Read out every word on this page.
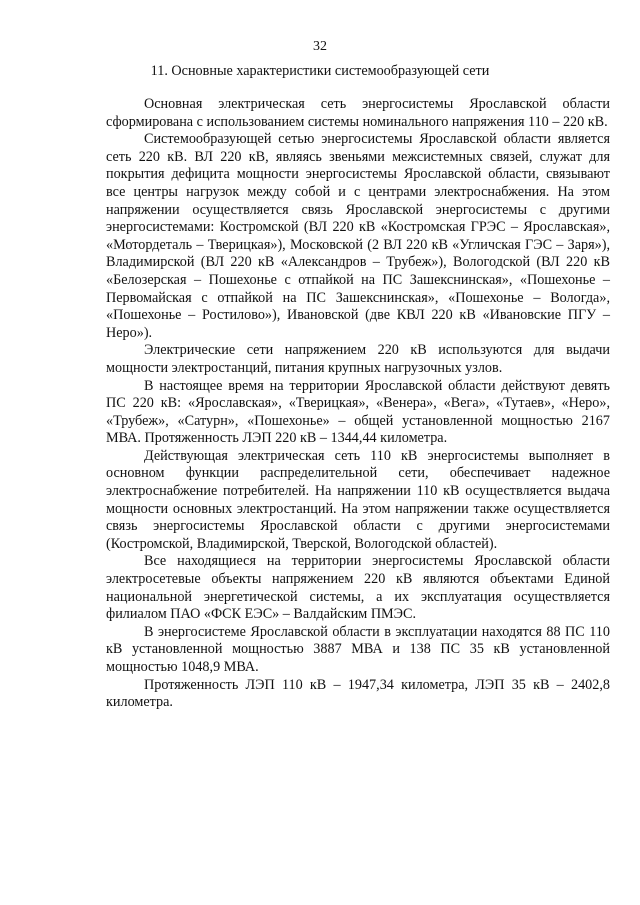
32
11. Основные характеристики системообразующей сети

Основная электрическая сеть энергосистемы Ярославской области сформирована с использованием системы номинального напряжения 110 – 220 кВ.

Системообразующей сетью энергосистемы Ярославской области является сеть 220 кВ. ВЛ 220 кВ, являясь звеньями межсистемных связей, служат для покрытия дефицита мощности энергосистемы Ярославской области, связывают все центры нагрузок между собой и с центрами электроснабжения. На этом напряжении осуществляется связь Ярославской энергосистемы с другими энергосистемами: Костромской (ВЛ 220 кВ «Костромская ГРЭС – Ярославская», «Мотордеталь – Тверицкая»), Московской (2 ВЛ 220 кВ «Угличская ГЭС – Заря»), Владимирской (ВЛ 220 кВ «Александров – Трубеж»), Вологодской (ВЛ 220 кВ «Белозерская – Пошехонье с отпайкой на ПС Зашекснинская», «Пошехонье – Первомайская с отпайкой на ПС Зашекснинская», «Пошехонье – Вологда», «Пошехонье – Ростилово»), Ивановской (две КВЛ 220 кВ «Ивановские ПГУ – Неро»).

Электрические сети напряжением 220 кВ используются для выдачи мощности электростанций, питания крупных нагрузочных узлов.

В настоящее время на территории Ярославской области действуют девять ПС 220 кВ: «Ярославская», «Тверицкая», «Венера», «Вега», «Тутаев», «Неро», «Трубеж», «Сатурн», «Пошехонье» – общей установленной мощностью 2167 МВА. Протяженность ЛЭП 220 кВ – 1344,44 километра.

Действующая электрическая сеть 110 кВ энергосистемы выполняет в основном функции распределительной сети, обеспечивает надежное электроснабжение потребителей. На напряжении 110 кВ осуществляется выдача мощности основных электростанций. На этом напряжении также осуществляется связь энергосистемы Ярославской области с другими энергосистемами (Костромской, Владимирской, Тверской, Вологодской областей).

Все находящиеся на территории энергосистемы Ярославской области электросетевые объекты напряжением 220 кВ являются объектами Единой национальной энергетической системы, а их эксплуатация осуществляется филиалом ПАО «ФСК ЕЭС» – Валдайским ПМЭС.

В энергосистеме Ярославской области в эксплуатации находятся 88 ПС 110 кВ установленной мощностью 3887 МВА и 138 ПС 35 кВ установленной мощностью 1048,9 МВА.

Протяженность ЛЭП 110 кВ – 1947,34 километра, ЛЭП 35 кВ – 2402,8 километра.
